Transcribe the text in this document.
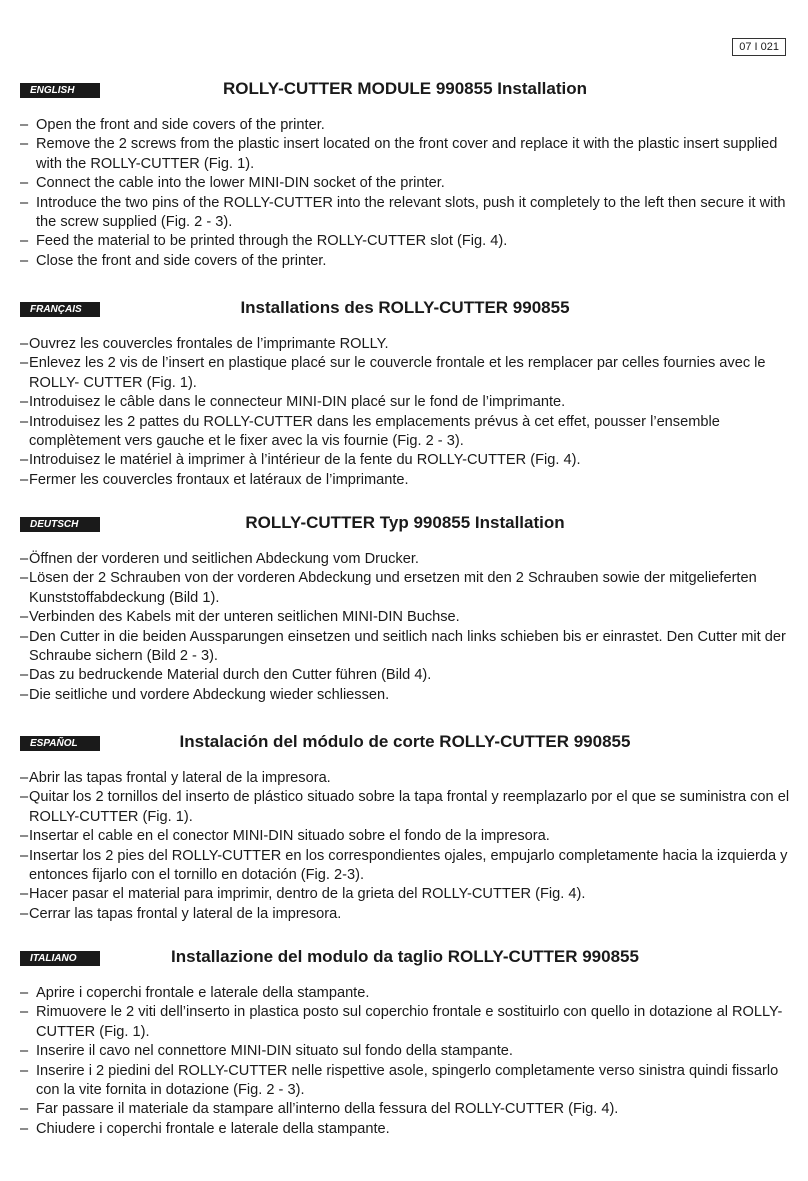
07 I 021
ENGLISH	ROLLY-CUTTER MODULE 990855 Installation
– Open the front and side covers of the printer.
– Remove the 2 screws from the plastic insert located on the front cover and replace it with the plastic insert supplied with the ROLLY-CUTTER (Fig. 1).
– Connect the cable into the lower MINI-DIN socket of the printer.
– Introduce the two pins of the ROLLY-CUTTER into the relevant slots, push it completely to the left then secure it with the screw supplied (Fig. 2 - 3).
– Feed the material to be printed through the ROLLY-CUTTER slot (Fig. 4).
– Close the front and side covers of the printer.
FRANÇAIS	Installations des ROLLY-CUTTER 990855
– Ouvrez les couvercles frontales de l’imprimante ROLLY.
– Enlevez les 2 vis de l’insert en plastique placé sur le couvercle frontale et les remplacer par celles fournies avec le ROLLY- CUTTER (Fig. 1).
– Introduisez le câble dans le connecteur MINI-DIN placé sur le fond de l’imprimante.
– Introduisez les 2 pattes du ROLLY-CUTTER dans les emplacements prévus à cet effet, pousser l’ensemble complètement vers gauche et le fixer avec la vis fournie (Fig. 2 - 3).
– Introduisez le matériel à imprimer à l’intérieur de la fente du ROLLY-CUTTER (Fig. 4).
– Fermer les couvercles frontaux et latéraux de l’imprimante.
DEUTSCH	ROLLY-CUTTER Typ 990855 Installation
– Öffnen der vorderen und seitlichen Abdeckung vom Drucker.
– Lösen der 2 Schrauben von der vorderen Abdeckung und ersetzen mit den 2 Schrauben sowie der mitgelieferten Kunststoffabdeckung (Bild 1).
– Verbinden des Kabels mit der unteren seitlichen MINI-DIN Buchse.
– Den Cutter in die beiden Aussparungen einsetzen und seitlich nach links schieben bis er einrastet. Den Cutter mit der Schraube sichern (Bild 2 - 3).
– Das zu bedruckende Material durch den Cutter führen (Bild 4).
– Die seitliche und vordere Abdeckung wieder schliessen.
ESPAÑOL	Instalación del módulo de corte ROLLY-CUTTER 990855
– Abrir las tapas frontal y lateral de la impresora.
– Quitar los 2 tornillos del inserto de plástico situado sobre la tapa frontal y reemplazarlo por el que se suministra con el ROLLY-CUTTER (Fig. 1).
– Insertar el cable en el conector MINI-DIN situado sobre el fondo de la impresora.
– Insertar los 2 pies del ROLLY-CUTTER en los correspondientes ojales, empujarlo completamente hacia la izquierda y entonces fijarlo con el tornillo en dotación (Fig. 2-3).
– Hacer pasar el material para imprimir, dentro de la grieta del ROLLY-CUTTER (Fig. 4).
– Cerrar las tapas frontal y lateral de la impresora.
ITALIANO	Installazione del modulo da taglio ROLLY-CUTTER 990855
– Aprire i coperchi frontale e laterale della stampante.
– Rimuovere le 2 viti dell’inserto in plastica posto sul coperchio frontale e sostituirlo con quello in dotazione al ROLLY-CUTTER (Fig. 1).
– Inserire il cavo nel connettore MINI-DIN situato sul fondo della stampante.
– Inserire i 2 piedini del ROLLY-CUTTER nelle rispettive asole, spingerlo completamente verso sinistra quindi fissarlo con la vite fornita in dotazione (Fig. 2 - 3).
– Far passare il materiale da stampare all’interno della fessura del ROLLY-CUTTER (Fig. 4).
– Chiudere i coperchi frontale e laterale della stampante.
